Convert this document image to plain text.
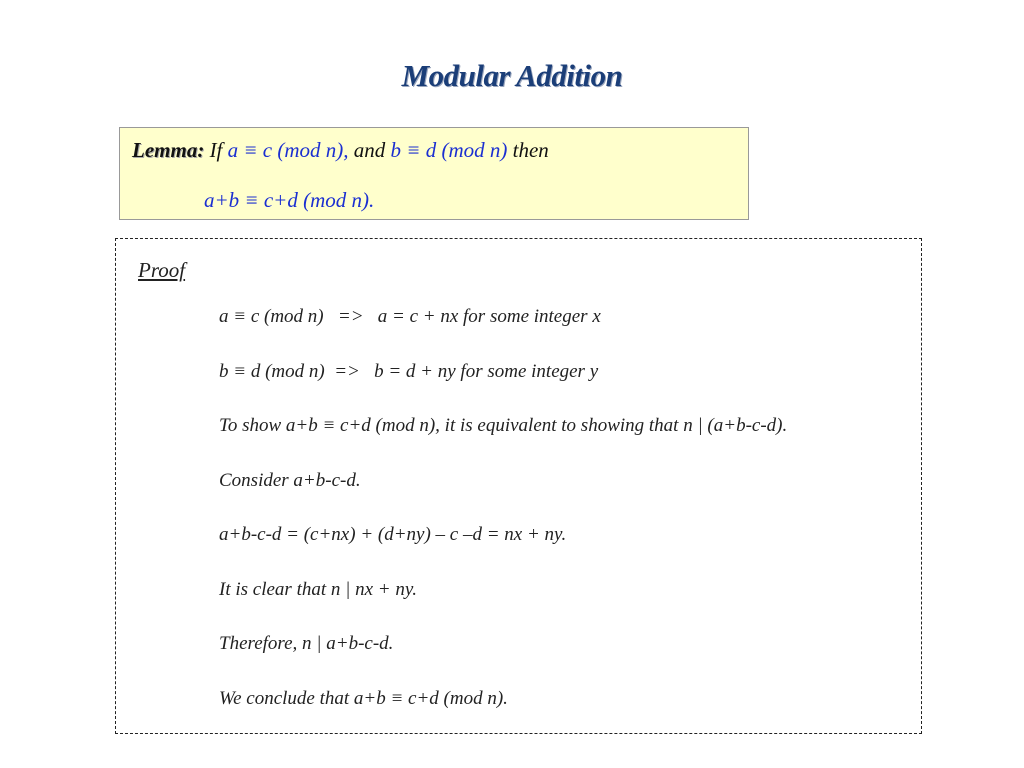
Modular Addition
Lemma: If a ≡ c (mod n), and b ≡ d (mod n) then
a+b ≡ c+d (mod n).
Proof
a ≡ c (mod n)   =>   a = c + nx for some integer x
b ≡ d (mod n)  =>   b = d + ny for some integer y
To show a+b ≡ c+d (mod n), it is equivalent to showing that n | (a+b-c-d).
Consider a+b-c-d.
a+b-c-d = (c+nx) + (d+ny) – c –d = nx + ny.
It is clear that n | nx + ny.
Therefore, n | a+b-c-d.
We conclude that a+b ≡ c+d (mod n).
